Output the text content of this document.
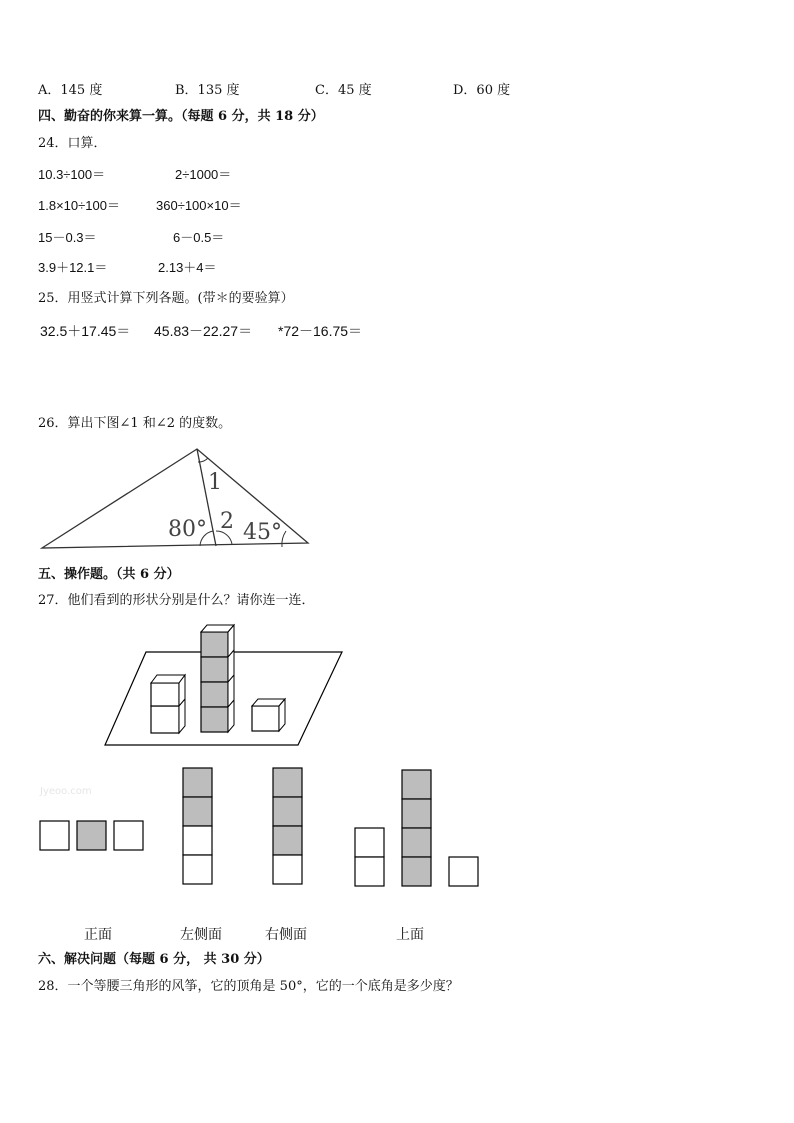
A．145 度	B．135 度	C．45 度	D．60 度
四、勤奋的你来算一算。（每题 6 分，共 18 分）
24．口算．
10.3÷100＝	2÷1000＝
1.8×10÷100＝	360÷100×10＝
15－0.3＝	6－0.5＝
3.9＋12.1＝	2.13＋4＝
25．用竖式计算下列各题。(带＊的要验算）
32.5＋17.45＝ 45.83－22.27＝ *72－16.75＝
26．算出下图∠1 和∠2 的度数。
1
2
80° 45°
五、操作题。（共 6 分）
27．他们看到的形状分别是什么？请你连一连．
Jyeoo.com
正面	左侧面	右侧面	上面
六、解决问题（每题 6 分， 共 30 分）
28．一个等腰三角形的风筝，它的顶角是 50°，它的一个底角是多少度？
